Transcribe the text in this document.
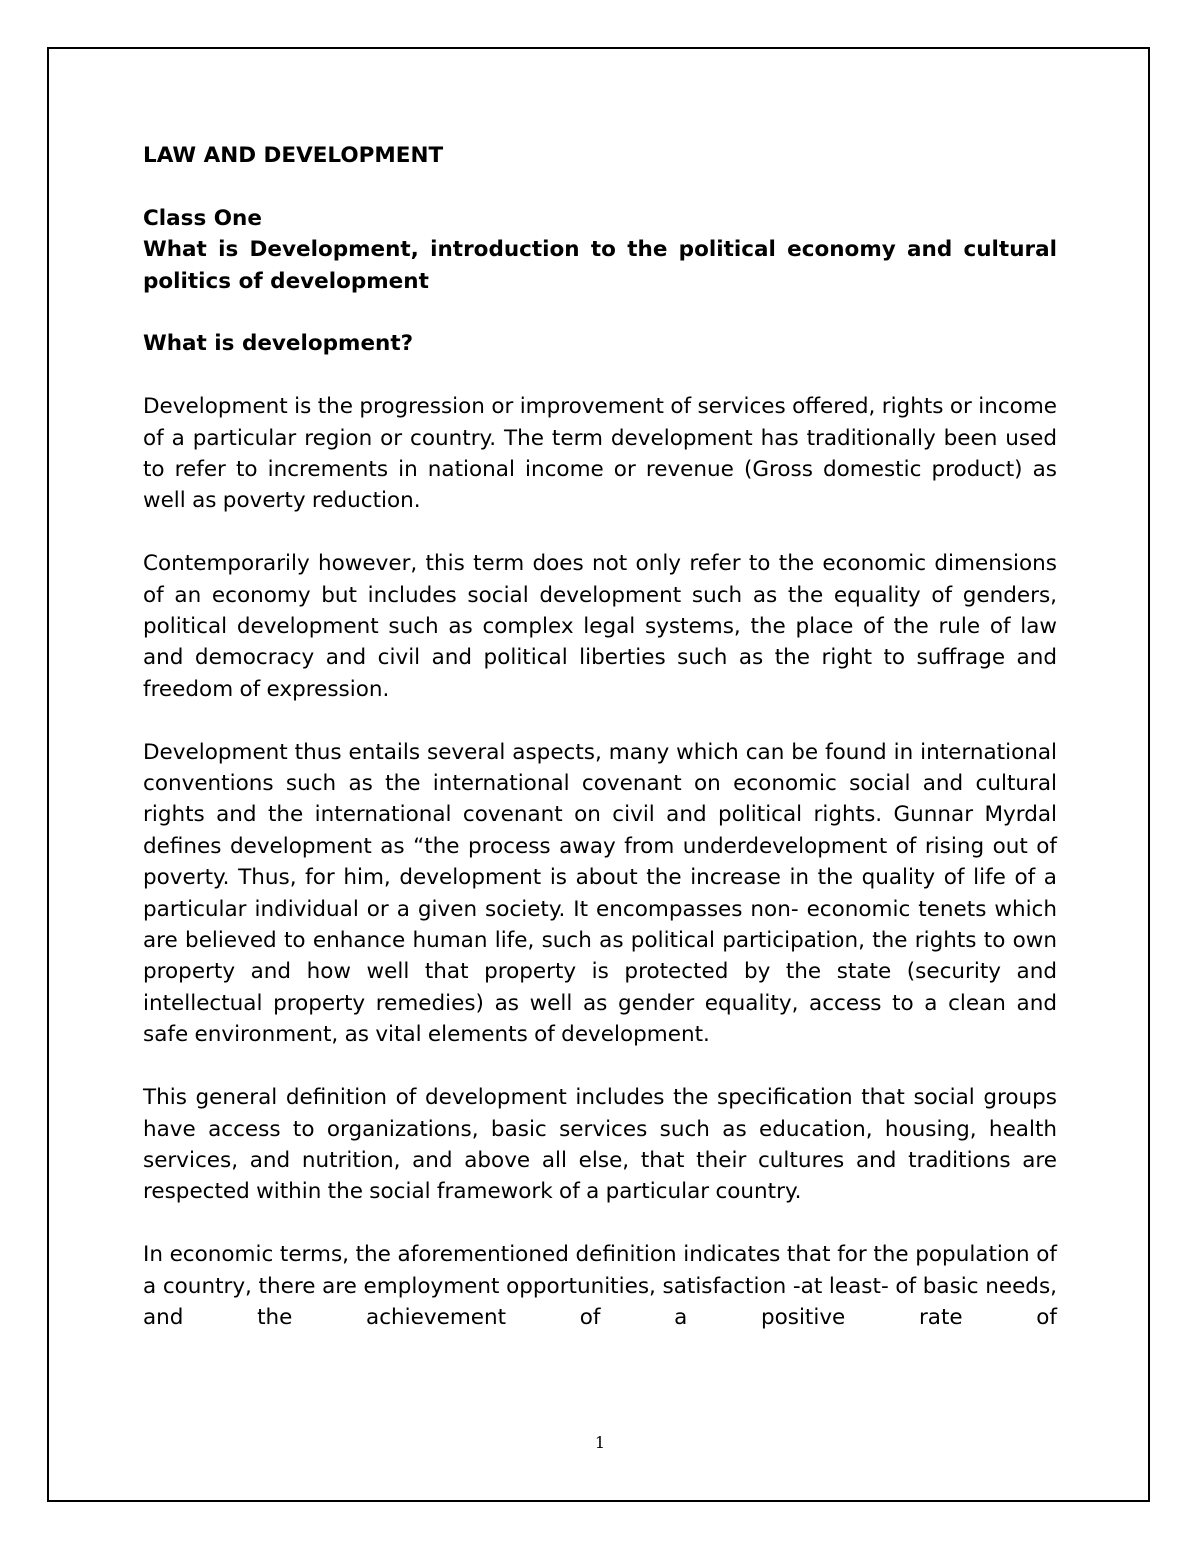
LAW AND DEVELOPMENT

Class One

What is Development, introduction to the political economy and cultural politics of development

What is development?

Development is the progression or improvement of services offered, rights or income of a particular region or country. The term development has traditionally been used to refer to increments in national income or revenue (Gross domestic product) as well as poverty reduction.

Contemporarily however, this term does not only refer to the economic dimensions of an economy but includes social development such as the equality of genders, political development such as complex legal systems, the place of the rule of law and democracy and civil and political liberties such as the right to suffrage and freedom of expression.

Development thus entails several aspects, many which can be found in international conventions such as the international covenant on economic social and cultural rights and the international covenant on civil and political rights. Gunnar Myrdal defines development as “the process away from underdevelopment of rising out of poverty. Thus, for him, development is about the increase in the quality of life of a particular individual or a given society. It encompasses non- economic tenets which are believed to enhance human life, such as political participation, the rights to own property and how well that property is protected by the state (security and intellectual property remedies) as well as gender equality, access to a clean and safe environment, as vital elements of development.

This general definition of development includes the specification that social groups have access to organizations, basic services such as education, housing, health services, and nutrition, and above all else, that their cultures and traditions are respected within the social framework of a particular country.

In economic terms, the aforementioned definition indicates that for the population of a country, there are employment opportunities, satisfaction -at least- of basic needs, and the achievement of a positive rate of

1
